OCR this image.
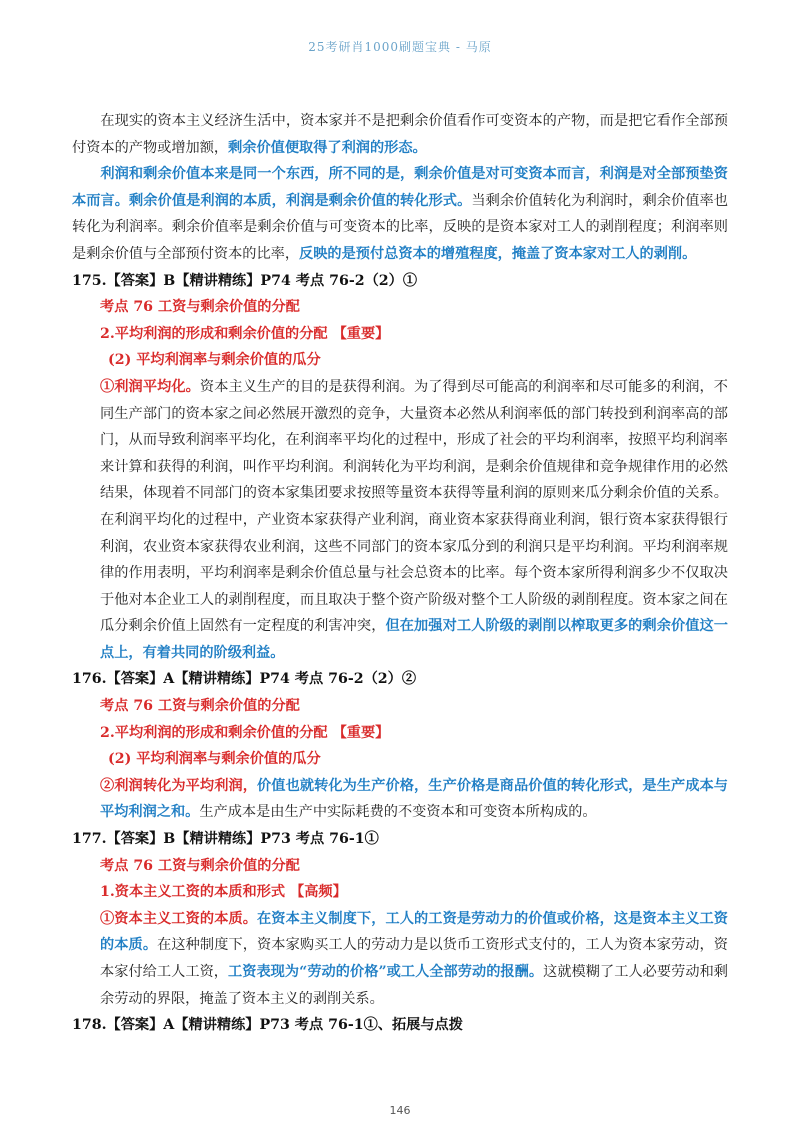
25考研肖1000刷题宝典 - 马原

在现实的资本主义经济生活中，资本家并不是把剩余价值看作可变资本的产物，而是把它看作全部预付资本的产物或增加额，剩余价值便取得了利润的形态。

利润和剩余价值本来是同一个东西，所不同的是，剩余价值是对可变资本而言，利润是对全部预垫资本而言。剩余价值是利润的本质，利润是剩余价值的转化形式。当剩余价值转化为利润时，剩余价值率也转化为利润率。剩余价值率是剩余价值与可变资本的比率，反映的是资本家对工人的剥削程度；利润率则是剩余价值与全部预付资本的比率，反映的是预付总资本的增殖程度，掩盖了资本家对工人的剥削。

175.【答案】B【精讲精练】P74 考点 76-2（2）①

考点 76 工资与剩余价值的分配

2.平均利润的形成和剩余价值的分配 【重要】

(2) 平均利润率与剩余价值的瓜分

①利润平均化。资本主义生产的目的是获得利润。为了得到尽可能高的利润率和尽可能多的利润，不同生产部门的资本家之间必然展开激烈的竞争，大量资本必然从利润率低的部门转投到利润率高的部门，从而导致利润率平均化，在利润率平均化的过程中，形成了社会的平均利润率，按照平均利润率来计算和获得的利润，叫作平均利润。利润转化为平均利润，是剩余价值规律和竞争规律作用的必然结果，体现着不同部门的资本家集团要求按照等量资本获得等量利润的原则来瓜分剩余价值的关系。在利润平均化的过程中，产业资本家获得产业利润，商业资本家获得商业利润，银行资本家获得银行利润，农业资本家获得农业利润，这些不同部门的资本家瓜分到的利润只是平均利润。平均利润率规律的作用表明，平均利润率是剩余价值总量与社会总资本的比率。每个资本家所得利润多少不仅取决于他对本企业工人的剥削程度，而且取决于整个资产阶级对整个工人阶级的剥削程度。资本家之间在瓜分剩余价值上固然有一定程度的利害冲突，但在加强对工人阶级的剥削以榨取更多的剩余价值这一点上，有着共同的阶级利益。

176.【答案】A【精讲精练】P74 考点 76-2（2）②

考点 76 工资与剩余价值的分配

2.平均利润的形成和剩余价值的分配 【重要】

(2) 平均利润率与剩余价值的瓜分

②利润转化为平均利润，价值也就转化为生产价格，生产价格是商品价值的转化形式，是生产成本与平均利润之和。生产成本是由生产中实际耗费的不变资本和可变资本所构成的。

177.【答案】B【精讲精练】P73 考点 76-1①

考点 76 工资与剩余价值的分配

1.资本主义工资的本质和形式 【高频】

①资本主义工资的本质。在资本主义制度下，工人的工资是劳动力的价值或价格，这是资本主义工资的本质。在这种制度下，资本家购买工人的劳动力是以货币工资形式支付的，工人为资本家劳动，资本家付给工人工资，工资表现为“劳动的价格”或工人全部劳动的报酬。这就模糊了工人必要劳动和剩余劳动的界限，掩盖了资本主义的剥削关系。

178.【答案】A【精讲精练】P73 考点 76-1①、拓展与点拨

146
